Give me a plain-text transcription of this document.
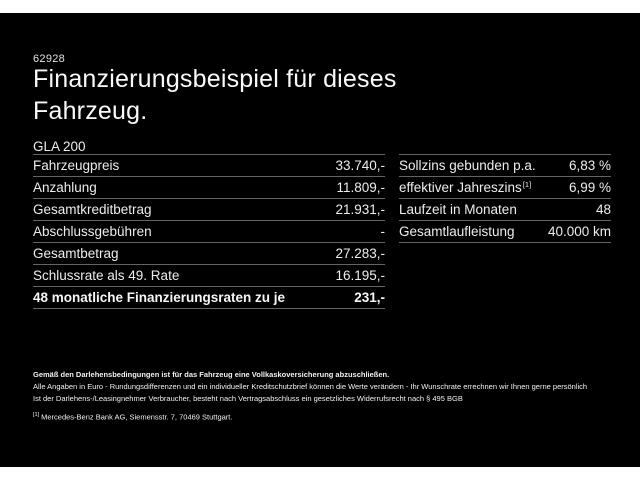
62928
Finanzierungsbeispiel für dieses Fahrzeug.
GLA 200
Fahrzeugpreis	33.740,-
Anzahlung	11.809,-
Gesamtkreditbetrag	21.931,-
Abschlussgebühren	-
Gesamtbetrag	27.283,-
Schlussrate als 49. Rate	16.195,-
48 monatliche Finanzierungsraten zu je	231,-
Sollzins gebunden p.a. 6,83 %
effektiver Jahreszins[1]	6,99 %
Laufzeit in Monaten	48
Gesamtlaufleistung 40.000 km

Gemäß den Darlehensbedingungen ist für das Fahrzeug eine Vollkaskoversicherung abzuschließen.

Alle Angaben in Euro - Rundungsdifferenzen und ein individueller Kreditschutzbrief können die Werte verändern - Ihr Wunschrate errechnen wir Ihnen gerne persönlich

Ist der Darlehens-/Leasingnehmer Verbraucher, besteht nach Vertragsabschluss ein gesetzliches Widerrufsrecht nach § 495 BGB

[1] Mercedes-Benz Bank AG, Siemensstr. 7, 70469 Stuttgart.
